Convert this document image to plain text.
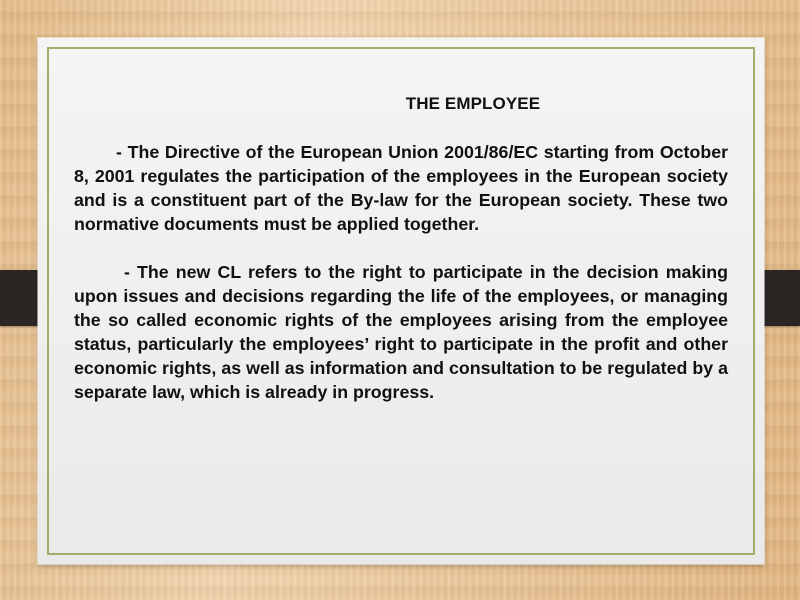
THE EMPLOYEE

- The Directive of the European Union 2001/86/EC starting from October 8, 2001 regulates the participation of the employees in the European society and is a constituent part of the By-law for the European society. These two normative documents must be applied together.

- The new CL refers to the right to participate in the decision making upon issues and decisions regarding the life of the employees, or managing the so called economic rights of the employees arising from the employee status, particularly the employees’ right to participate in the profit and other economic rights, as well as information and consultation to be regulated by a separate law, which is already in progress.
